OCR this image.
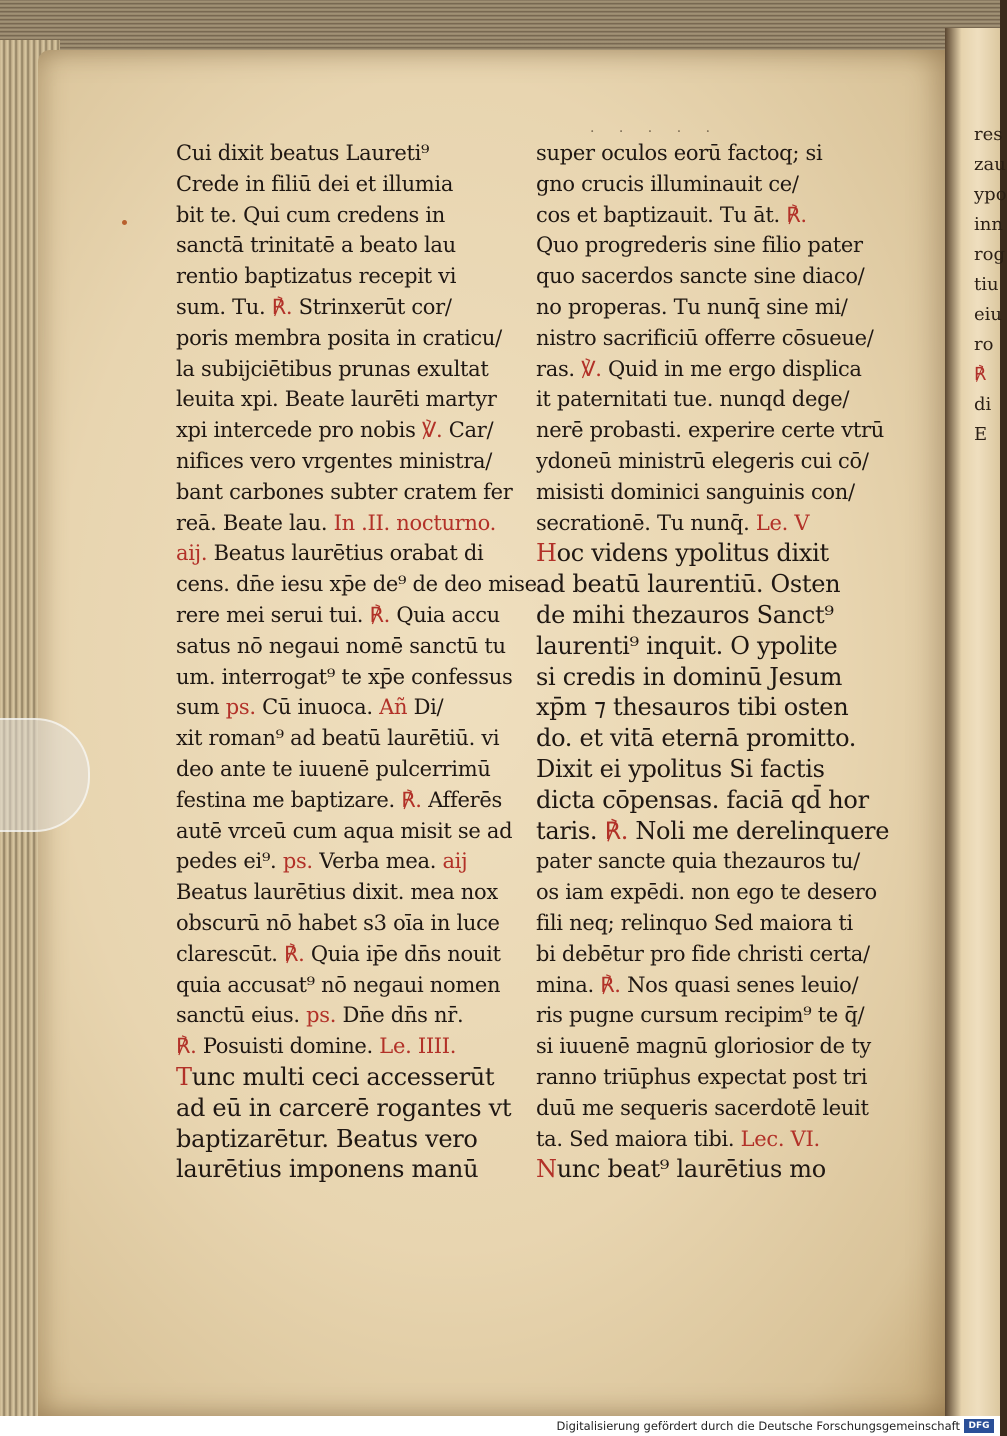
res
zau
ypo
inn
rog
tiu
eiu
ro
℟
di
E
· · · · ·
Cui dixit beatus Laureti⁹
Crede in filiū dei et illumia
bit te. Qui cum credens in
sanctā trinitatē a beato lau
rentio baptizatus recepit vi
sum. Tu. ℟. Strinxerūt cor/
poris membra posita in craticu/
la subijciētibus prunas exultat
leuita xpi. Beate laurēti martyr
xpi intercede pro nobis ℣. Car/
nifices vero vrgentes ministra/
bant carbones subter cratem fer
reā. Beate lau. In .II. nocturno.
aij. Beatus laurētius orabat di
cens. dn̄e iesu xp̄e de⁹ de deo mise
rere mei serui tui. ℟. Quia accu
satus nō negaui nomē sanctū tu
um. interrogat⁹ te xp̄e confessus
sum ps. Cū inuoca. Añ Di/
xit roman⁹ ad beatū laurētiū. vi
deo ante te iuuenē pulcerrimū
festina me baptizare. ℟. Afferēs
autē vrceū cum aqua misit se ad
pedes ei⁹. ps. Verba mea. aij
Beatus laurētius dixit. mea nox
obscurū nō habet s3 oīa in luce
clarescūt. ℟. Quia ip̄e dn̄s nouit
quia accusat⁹ nō negaui nomen
sanctū eius. ps. Dn̄e dn̄s nr̄.
℟. Posuisti domine. Le. IIII.
Tunc multi ceci accesserūt
ad eū in carcerē rogantes vt
baptizarētur. Beatus vero
laurētius imponens manū
super oculos eorū factoq; si
gno crucis illuminauit ce/
cos et baptizauit. Tu āt. ℟.
Quo progrederis sine filio pater
quo sacerdos sancte sine diaco/
no properas. Tu nunq̄ sine mi/
nistro sacrificiū offerre cōsueue/
ras. ℣. Quid in me ergo displica
it paternitati tue. nunqd dege/
nerē probasti. experire certe vtrū
ydoneū ministrū elegeris cui cō/
misisti dominici sanguinis con/
secrationē. Tu nunq̄. Le. V
Hoc videns ypolitus dixit
ad beatū laurentiū. Osten
de mihi thezauros Sanct⁹
laurenti⁹ inquit. O ypolite
si credis in dominū Jesum
xp̄m ⁊ thesauros tibi osten
do. et vitā eternā promitto.
Dixit ei ypolitus Si factis
dicta cōpensas. faciā qd̄ hor
taris. ℟. Noli me derelinquere
pater sancte quia thezauros tu/
os iam expēdi. non ego te desero
fili neq; relinquo Sed maiora ti
bi debētur pro fide christi certa/
mina. ℟. Nos quasi senes leuio/
ris pugne cursum recipim⁹ te q̄/
si iuuenē magnū gloriosior de ty
ranno triūphus expectat post tri
duū me sequeris sacerdotē leuit
ta. Sed maiora tibi. Lec. VI.
Nunc beat⁹ laurētius mo
Digitalisierung gefördert durch die Deutsche Forschungsgemeinschaft DFG
